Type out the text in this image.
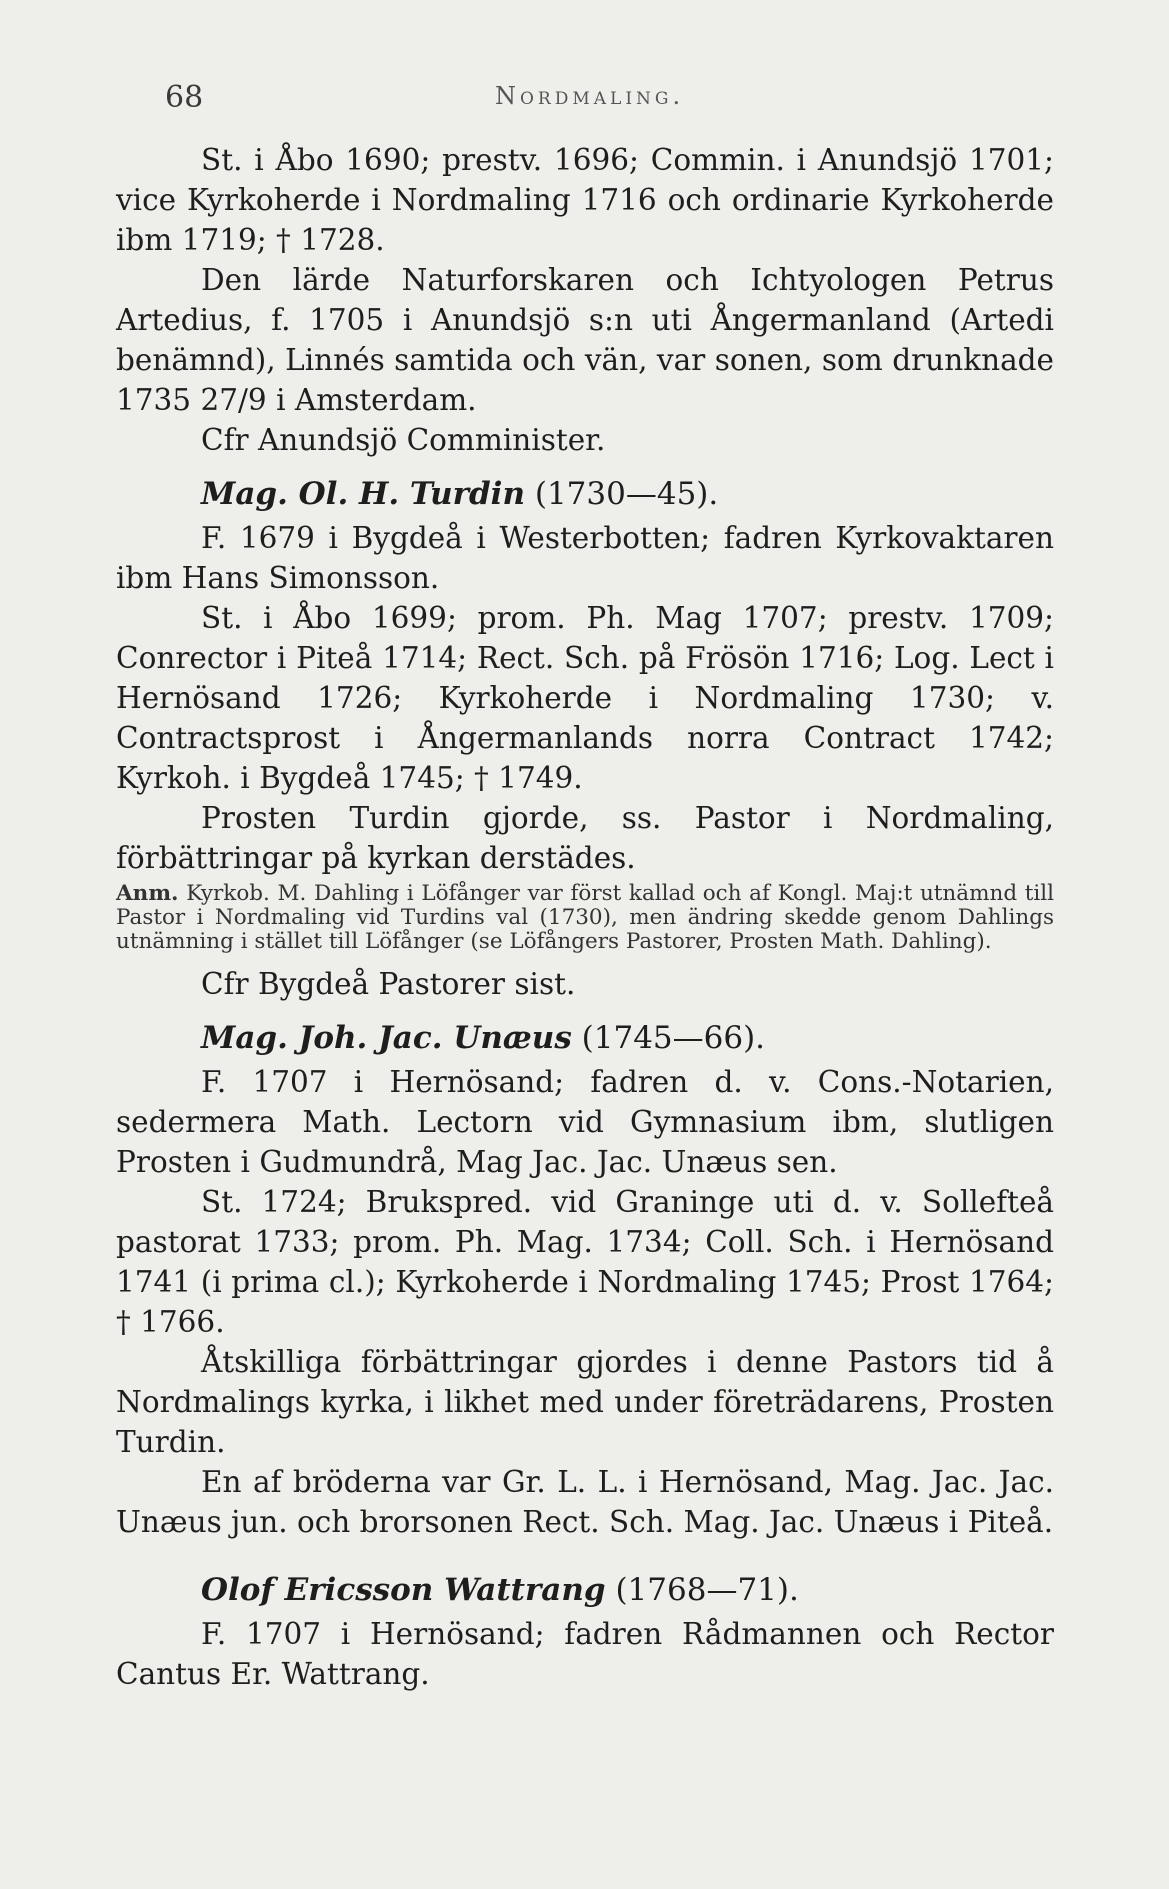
68	Nordmaling.

St. i Åbo 1690; prestv. 1696; Commin. i Anundsjö 1701; vice Kyrkoherde i Nordmaling 1716 och ordinarie Kyrkoherde ibm 1719; † 1728.

Den lärde Naturforskaren och Ichtyologen Petrus Artedius, f. 1705 i Anundsjö s:n uti Ångermanland (Artedi benämnd), Linnés samtida och vän, var sonen, som drunknade 1735 27/9 i Amsterdam.

Cfr Anundsjö Comminister.

Mag. Ol. H. Turdin (1730—45).

F. 1679 i Bygdeå i Westerbotten; fadren Kyrkovaktaren ibm Hans Simonsson.

St. i Åbo 1699; prom. Ph. Mag 1707; prestv. 1709; Conrector i Piteå 1714; Rect. Sch. på Frösön 1716; Log. Lect i Hernösand 1726; Kyrkoherde i Nordmaling 1730; v. Contractsprost i Ångermanlands norra Contract 1742; Kyrkoh. i Bygdeå 1745; † 1749.

Prosten Turdin gjorde, ss. Pastor i Nordmaling, förbättringar på kyrkan derstädes.

Anm. Kyrkob. M. Dahling i Löfånger var först kallad och af Kongl. Maj:t utnämnd till Pastor i Nordmaling vid Turdins val (1730), men ändring skedde genom Dahlings utnämning i stället till Löfånger (se Löfångers Pastorer, Prosten Math. Dahling).

Cfr Bygdeå Pastorer sist.

Mag. Joh. Jac. Unæus (1745—66).

F. 1707 i Hernösand; fadren d. v. Cons.-Notarien, sedermera Math. Lectorn vid Gymnasium ibm, slutligen Prosten i Gudmundrå, Mag Jac. Jac. Unæus sen.

St. 1724; Brukspred. vid Graninge uti d. v. Sollefteå pastorat 1733; prom. Ph. Mag. 1734; Coll. Sch. i Hernösand 1741 (i prima cl.); Kyrkoherde i Nordmaling 1745; Prost 1764; † 1766.

Åtskilliga förbättringar gjordes i denne Pastors tid å Nordmalings kyrka, i likhet med under företrädarens, Prosten Turdin.

En af bröderna var Gr. L. L. i Hernösand, Mag. Jac. Jac. Unæus jun. och brorsonen Rect. Sch. Mag. Jac. Unæus i Piteå.

Olof Ericsson Wattrang (1768—71).

F. 1707 i Hernösand; fadren Rådmannen och Rector Cantus Er. Wattrang.
